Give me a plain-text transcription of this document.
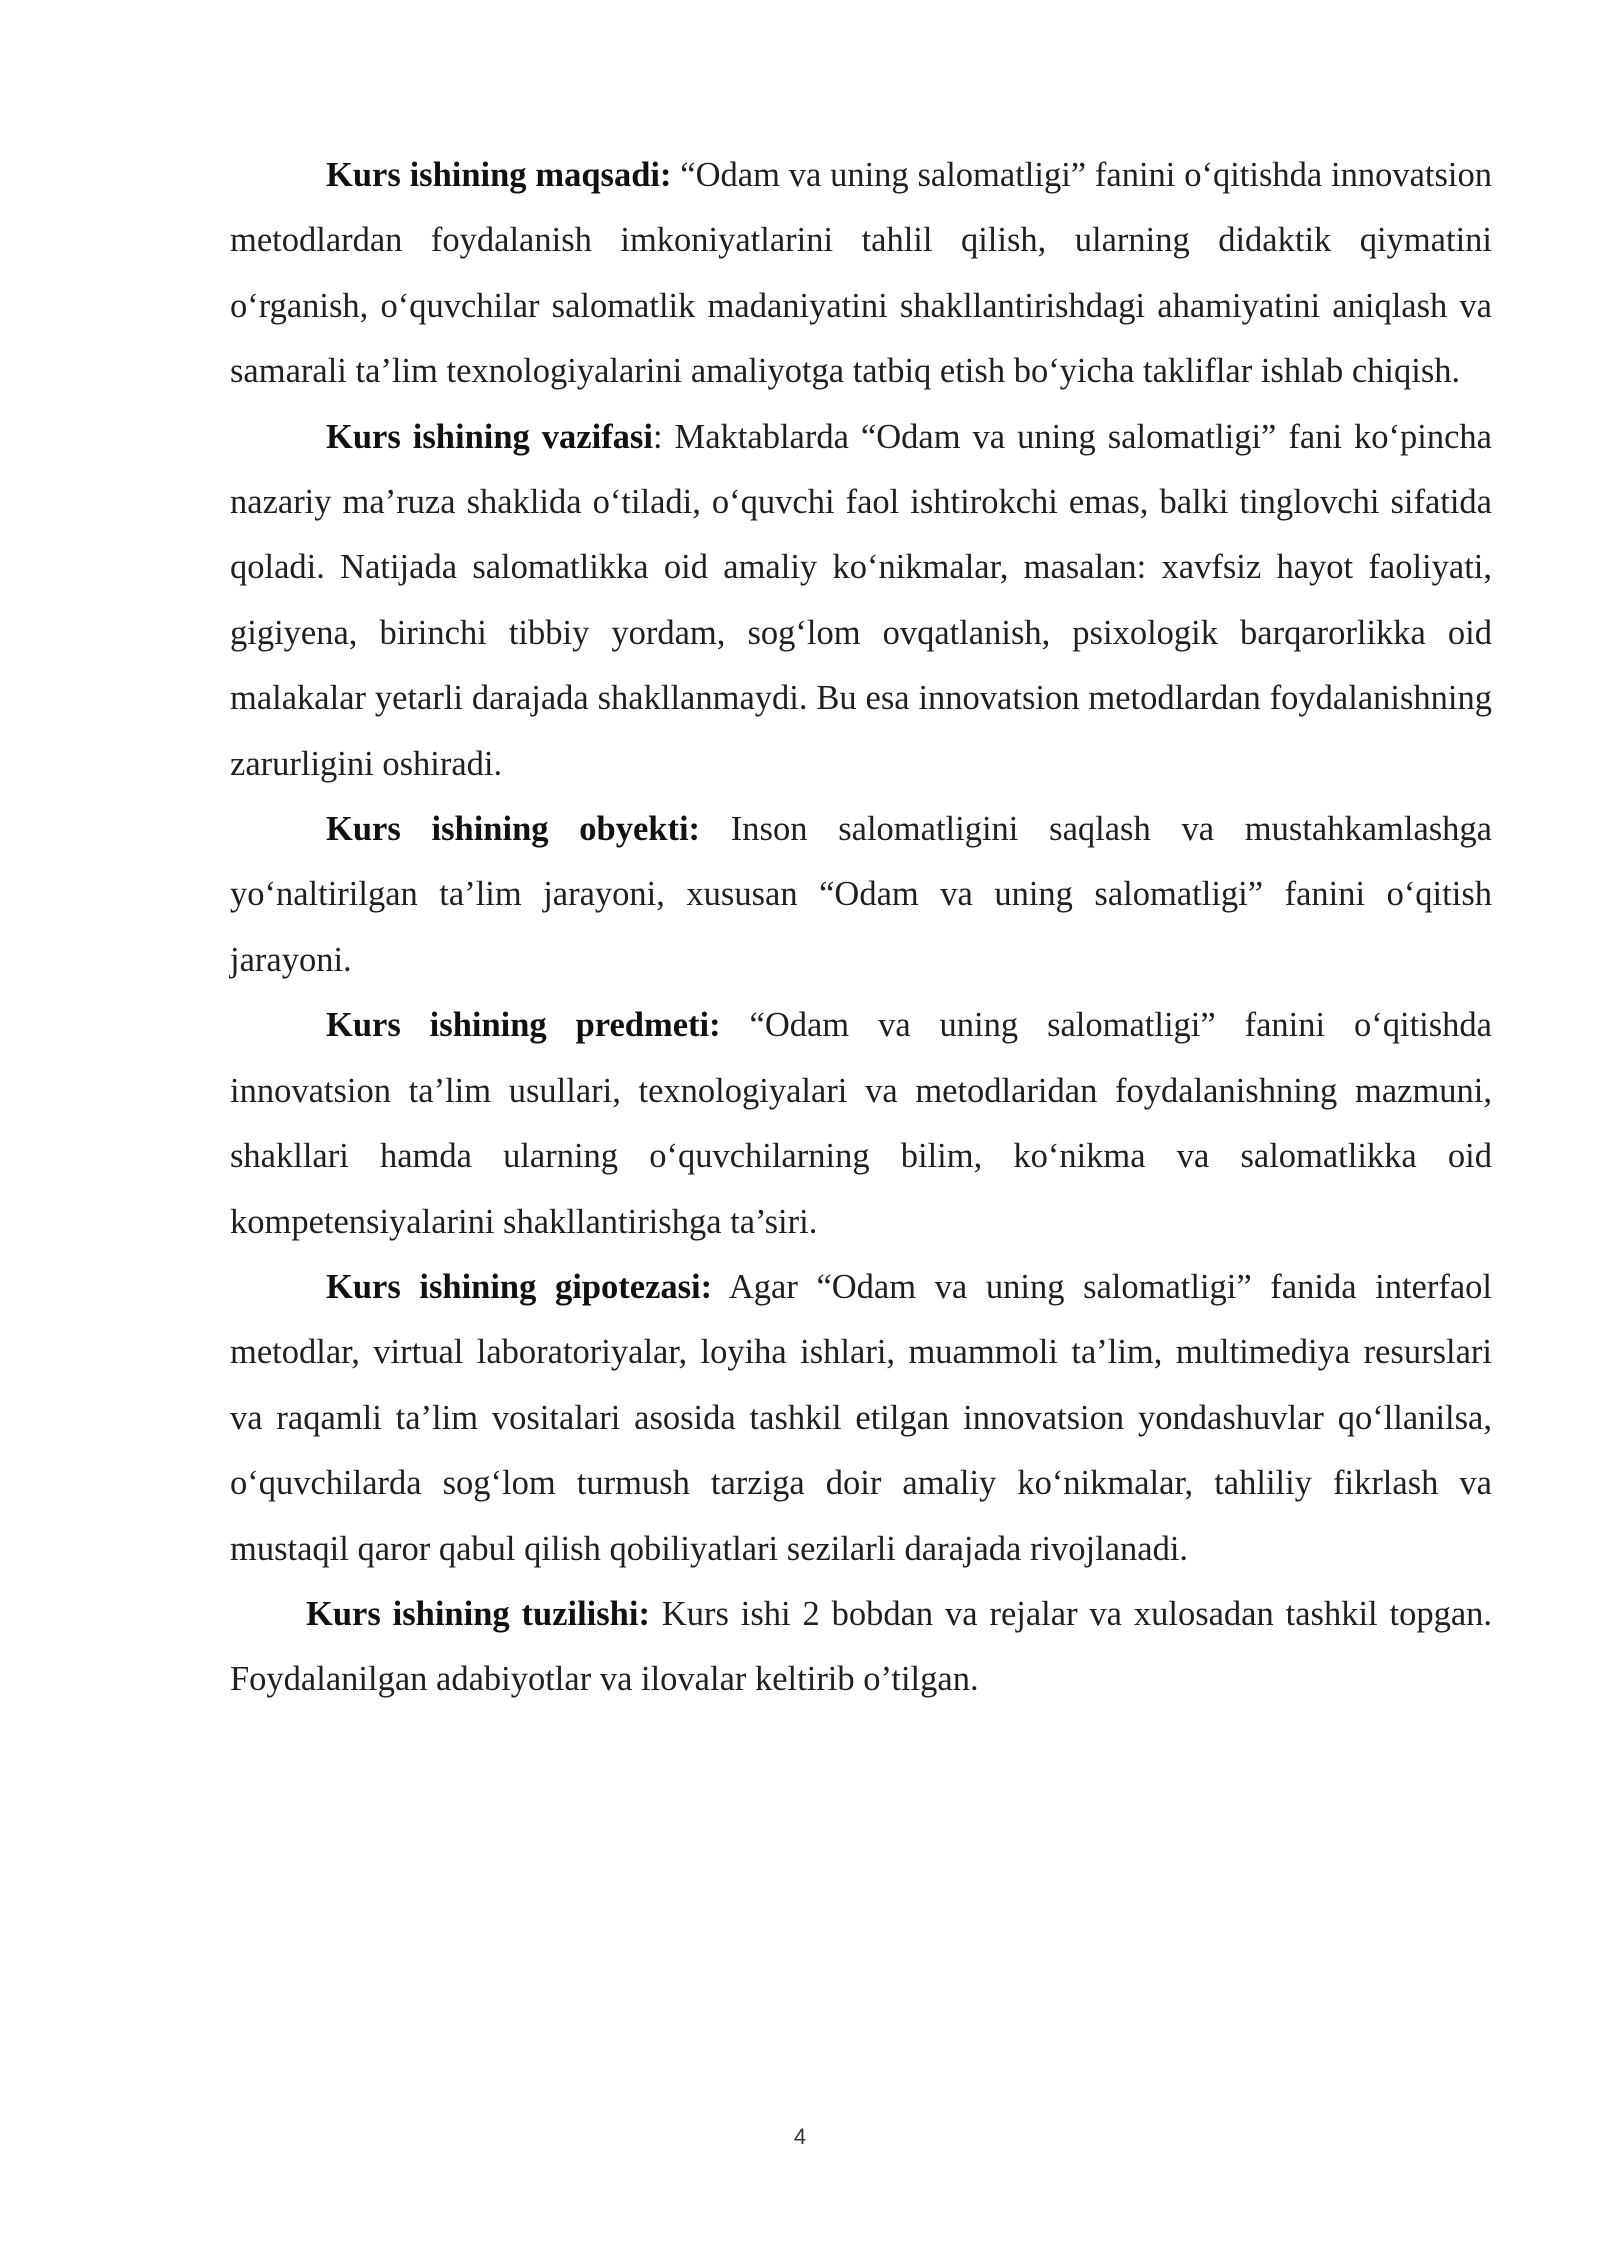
Kurs ishining maqsadi: “Odam va uning salomatligi” fanini o‘qitishda innovatsion metodlardan foydalanish imkoniyatlarini tahlil qilish, ularning didaktik qiymatini o‘rganish, o‘quvchilar salomatlik madaniyatini shakllantirishdagi ahamiyatini aniqlash va samarali ta’lim texnologiyalarini amaliyotga tatbiq etish bo‘yicha takliflar ishlab chiqish.

Kurs ishining vazifasi: Maktablarda “Odam va uning salomatligi” fani ko‘pincha nazariy ma’ruza shaklida o‘tiladi, o‘quvchi faol ishtirokchi emas, balki tinglovchi sifatida qoladi. Natijada salomatlikka oid amaliy ko‘nikmalar, masalan: xavfsiz hayot faoliyati, gigiyena, birinchi tibbiy yordam, sog‘lom ovqatlanish, psixologik barqarorlikka oid malakalar yetarli darajada shakllanmaydi. Bu esa innovatsion metodlardan foydalanishning zarurligini oshiradi.

Kurs ishining obyekti: Inson salomatligini saqlash va mustahkamlashga yo‘naltirilgan ta’lim jarayoni, xususan “Odam va uning salomatligi” fanini o‘qitish jarayoni.

Kurs ishining predmeti: “Odam va uning salomatligi” fanini o‘qitishda innovatsion ta’lim usullari, texnologiyalari va metodlaridan foydalanishning mazmuni, shakllari hamda ularning o‘quvchilarning bilim, ko‘nikma va salomatlikka oid kompetensiyalarini shakllantirishga ta’siri.

Kurs ishining gipotezasi: Agar “Odam va uning salomatligi” fanida interfaol metodlar, virtual laboratoriyalar, loyiha ishlari, muammoli ta’lim, multimediya resurslari va raqamli ta’lim vositalari asosida tashkil etilgan innovatsion yondashuvlar qo‘llanilsa, o‘quvchilarda sog‘lom turmush tarziga doir amaliy ko‘nikmalar, tahliliy fikrlash va mustaqil qaror qabul qilish qobiliyatlari sezilarli darajada rivojlanadi.

Kurs ishining tuzilishi: Kurs ishi 2 bobdan va rejalar va xulosadan tashkil topgan. Foydalanilgan adabiyotlar va ilovalar keltirib o’tilgan.

4
